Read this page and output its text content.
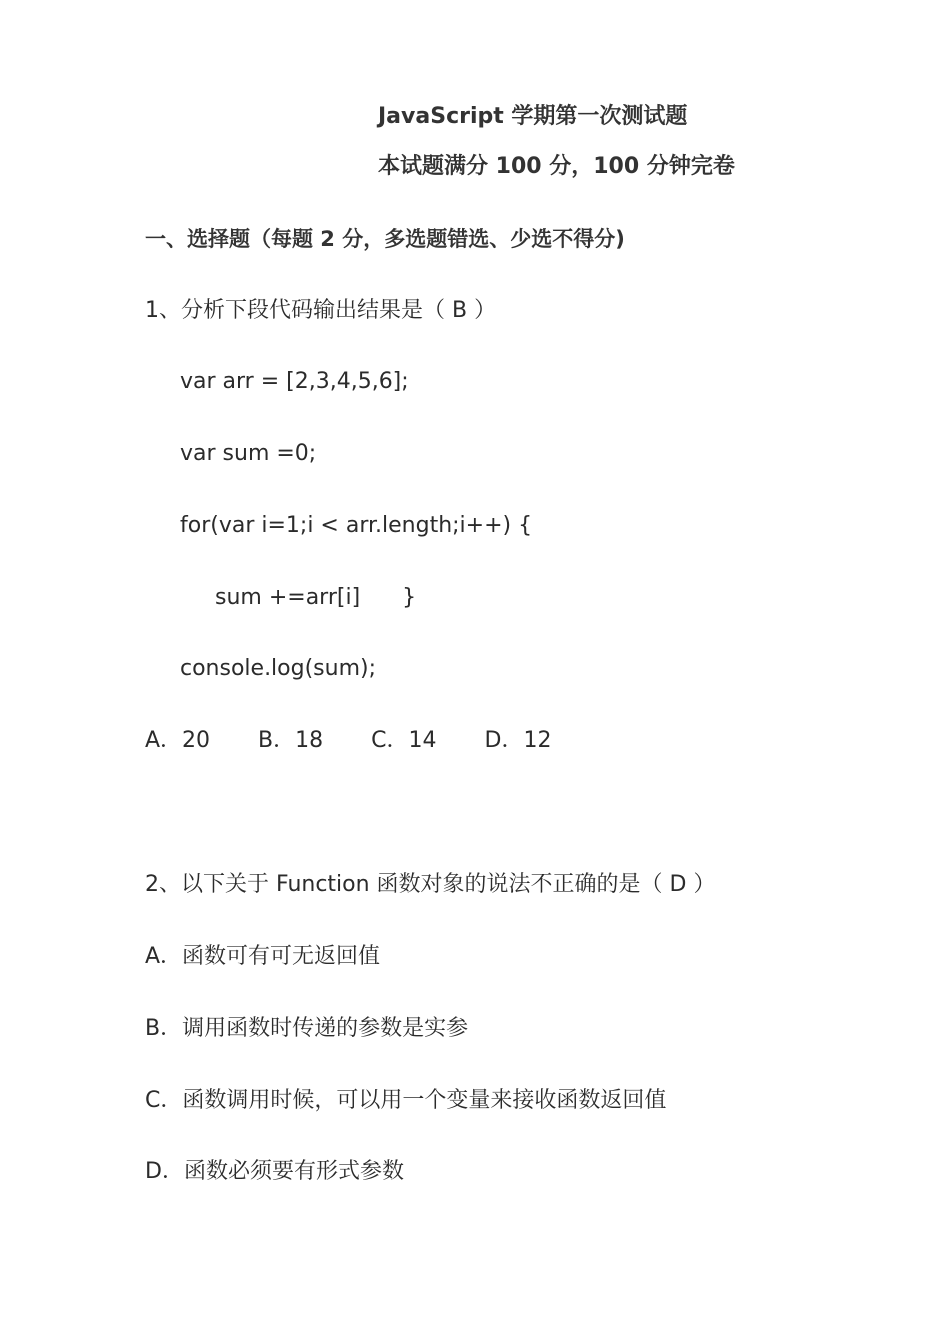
JavaScript 学期第一次测试题
本试题满分 100 分，100 分钟完卷
一、选择题（每题 2 分，多选题错选、少选不得分)
1、分析下段代码输出结果是（ B ）
var arr = [2,3,4,5,6];
var sum =0;
for(var i=1;i < arr.length;i++) {
sum +=arr[i]      }
console.log(sum);
A．20 B．18 C．14 D．12
2、以下关于 Function 函数对象的说法不正确的是（ D ）
A．函数可有可无返回值
B．调用函数时传递的参数是实参
C．函数调用时候，可以用一个变量来接收函数返回值
D．函数必须要有形式参数
